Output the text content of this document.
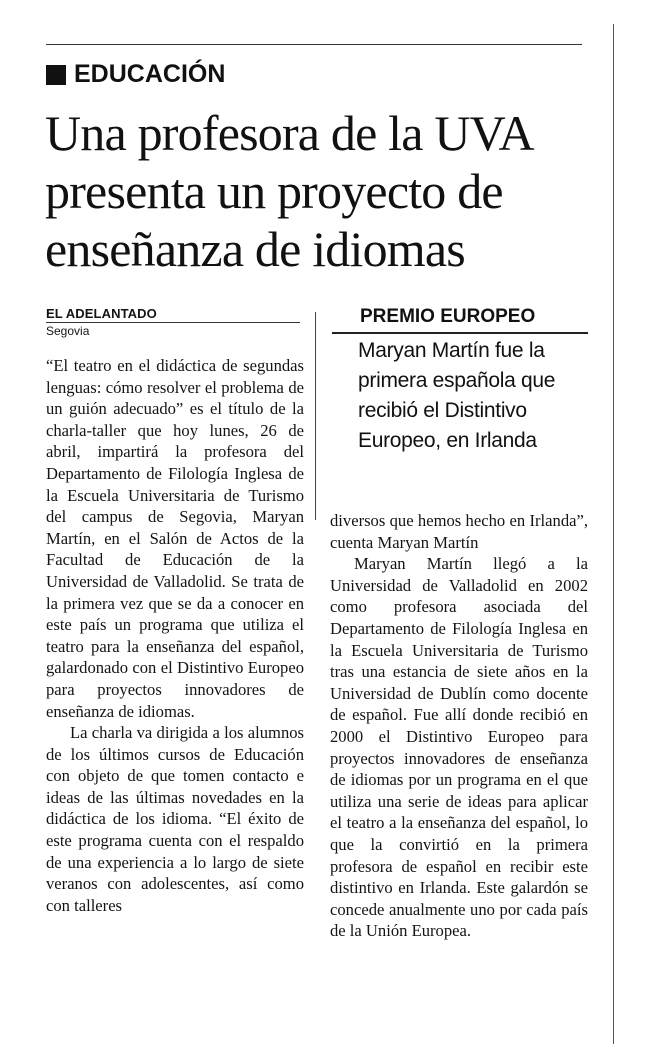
EDUCACIÓN
Una profesora de la UVA presenta un proyecto de enseñanza de idiomas
EL ADELANTADO
Segovia

“El teatro en el didáctica de segundas lenguas: cómo resolver el problema de un guión adecuado” es el título de la charla-taller que hoy lunes, 26 de abril, impartirá la profesora del Departamento de Filología Inglesa de la Escuela Universitaria de Turismo del campus de Segovia, Maryan Martín, en el Salón de Actos de la Facultad de Educación de la Universidad de Valladolid. Se trata de la primera vez que se da a conocer en este país un programa que utiliza el teatro para la enseñanza del español, galardonado con el Distintivo Europeo para proyectos innovadores de enseñanza de idiomas.

La charla va dirigida a los alumnos de los últimos cursos de Educación con objeto de que tomen contacto e ideas de las últimas novedades en la didáctica de los idioma. “El éxito de este programa cuenta con el respaldo de una experiencia a lo largo de siete veranos con adolescentes, así como con talleres

PREMIO EUROPEO
Maryan Martín fue la primera española que recibió el Distintivo Europeo, en Irlanda

diversos que hemos hecho en Irlanda”, cuenta Maryan Martín

Maryan Martín llegó a la Universidad de Valladolid en 2002 como profesora asociada del Departamento de Filología Inglesa en la Escuela Universitaria de Turismo tras una estancia de siete años en la Universidad de Dublín como docente de español. Fue allí donde recibió en 2000 el Distintivo Europeo para proyectos innovadores de enseñanza de idiomas por un programa en el que utiliza una serie de ideas para aplicar el teatro a la enseñanza del español, lo que la convirtió en la primera profesora de español en recibir este distintivo en Irlanda. Este galardón se concede anualmente uno por cada país de la Unión Europea.
